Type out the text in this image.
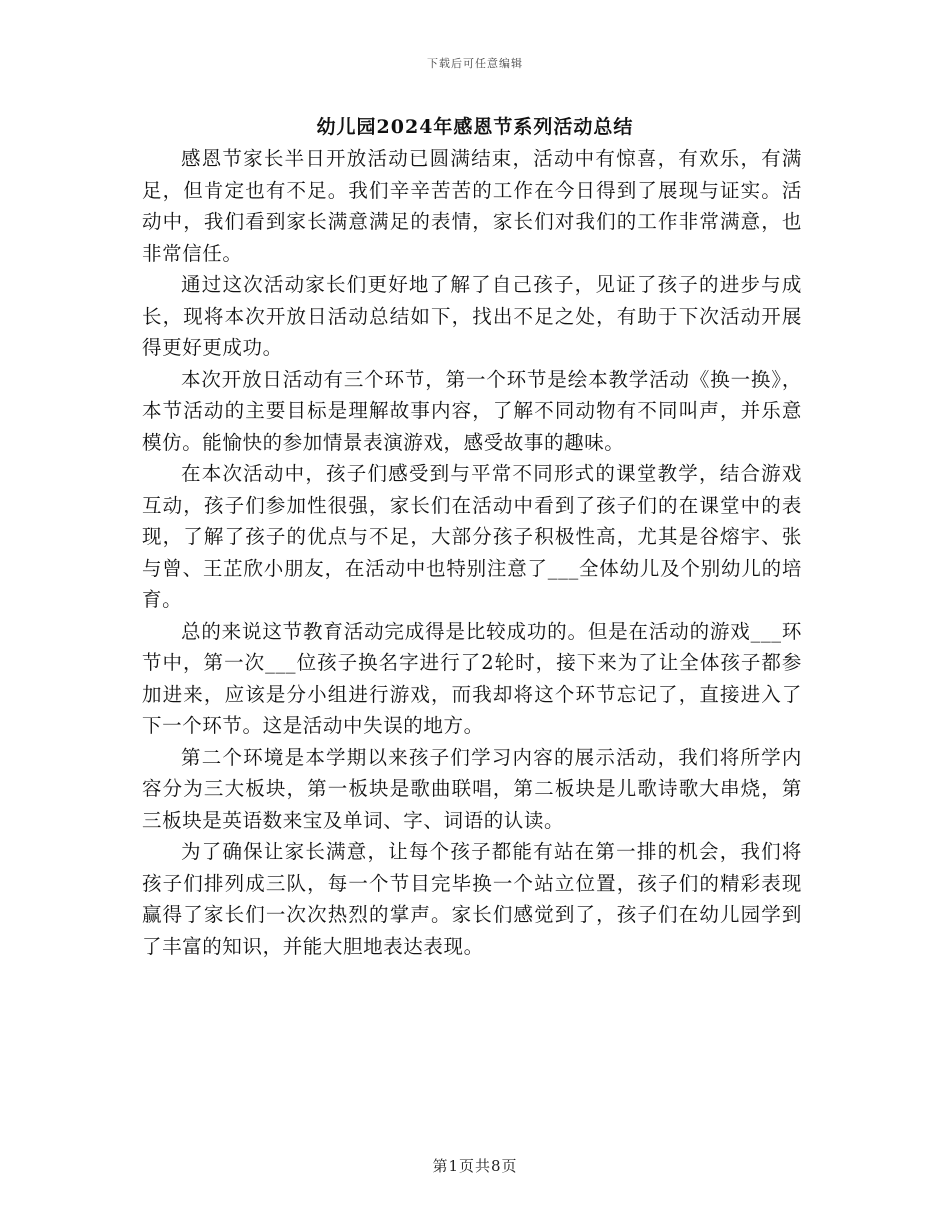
下载后可任意编辑
幼儿园2024年感恩节系列活动总结

感恩节家长半日开放活动已圆满结束，活动中有惊喜，有欢乐，有满足，但肯定也有不足。我们辛辛苦苦的工作在今日得到了展现与证实。活动中，我们看到家长满意满足的表情，家长们对我们的工作非常满意，也非常信任。

通过这次活动家长们更好地了解了自己孩子，见证了孩子的进步与成长，现将本次开放日活动总结如下，找出不足之处，有助于下次活动开展得更好更成功。

本次开放日活动有三个环节，第一个环节是绘本教学活动《换一换》，本节活动的主要目标是理解故事内容，了解不同动物有不同叫声，并乐意模仿。能愉快的参加情景表演游戏，感受故事的趣味。

在本次活动中，孩子们感受到与平常不同形式的课堂教学，结合游戏互动，孩子们参加性很强，家长们在活动中看到了孩子们的在课堂中的表现，了解了孩子的优点与不足，大部分孩子积极性高，尤其是谷熔宇、张与曾、王芷欣小朋友，在活动中也特别注意了___全体幼儿及个别幼儿的培育。

总的来说这节教育活动完成得是比较成功的。但是在活动的游戏___环节中，第一次___位孩子换名字进行了2轮时，接下来为了让全体孩子都参加进来，应该是分小组进行游戏，而我却将这个环节忘记了，直接进入了下一个环节。这是活动中失误的地方。

第二个环境是本学期以来孩子们学习内容的展示活动，我们将所学内容分为三大板块，第一板块是歌曲联唱，第二板块是儿歌诗歌大串烧，第三板块是英语数来宝及单词、字、词语的认读。

为了确保让家长满意，让每个孩子都能有站在第一排的机会，我们将孩子们排列成三队，每一个节目完毕换一个站立位置，孩子们的精彩表现赢得了家长们一次次热烈的掌声。家长们感觉到了，孩子们在幼儿园学到了丰富的知识，并能大胆地表达表现。

第1页共8页
